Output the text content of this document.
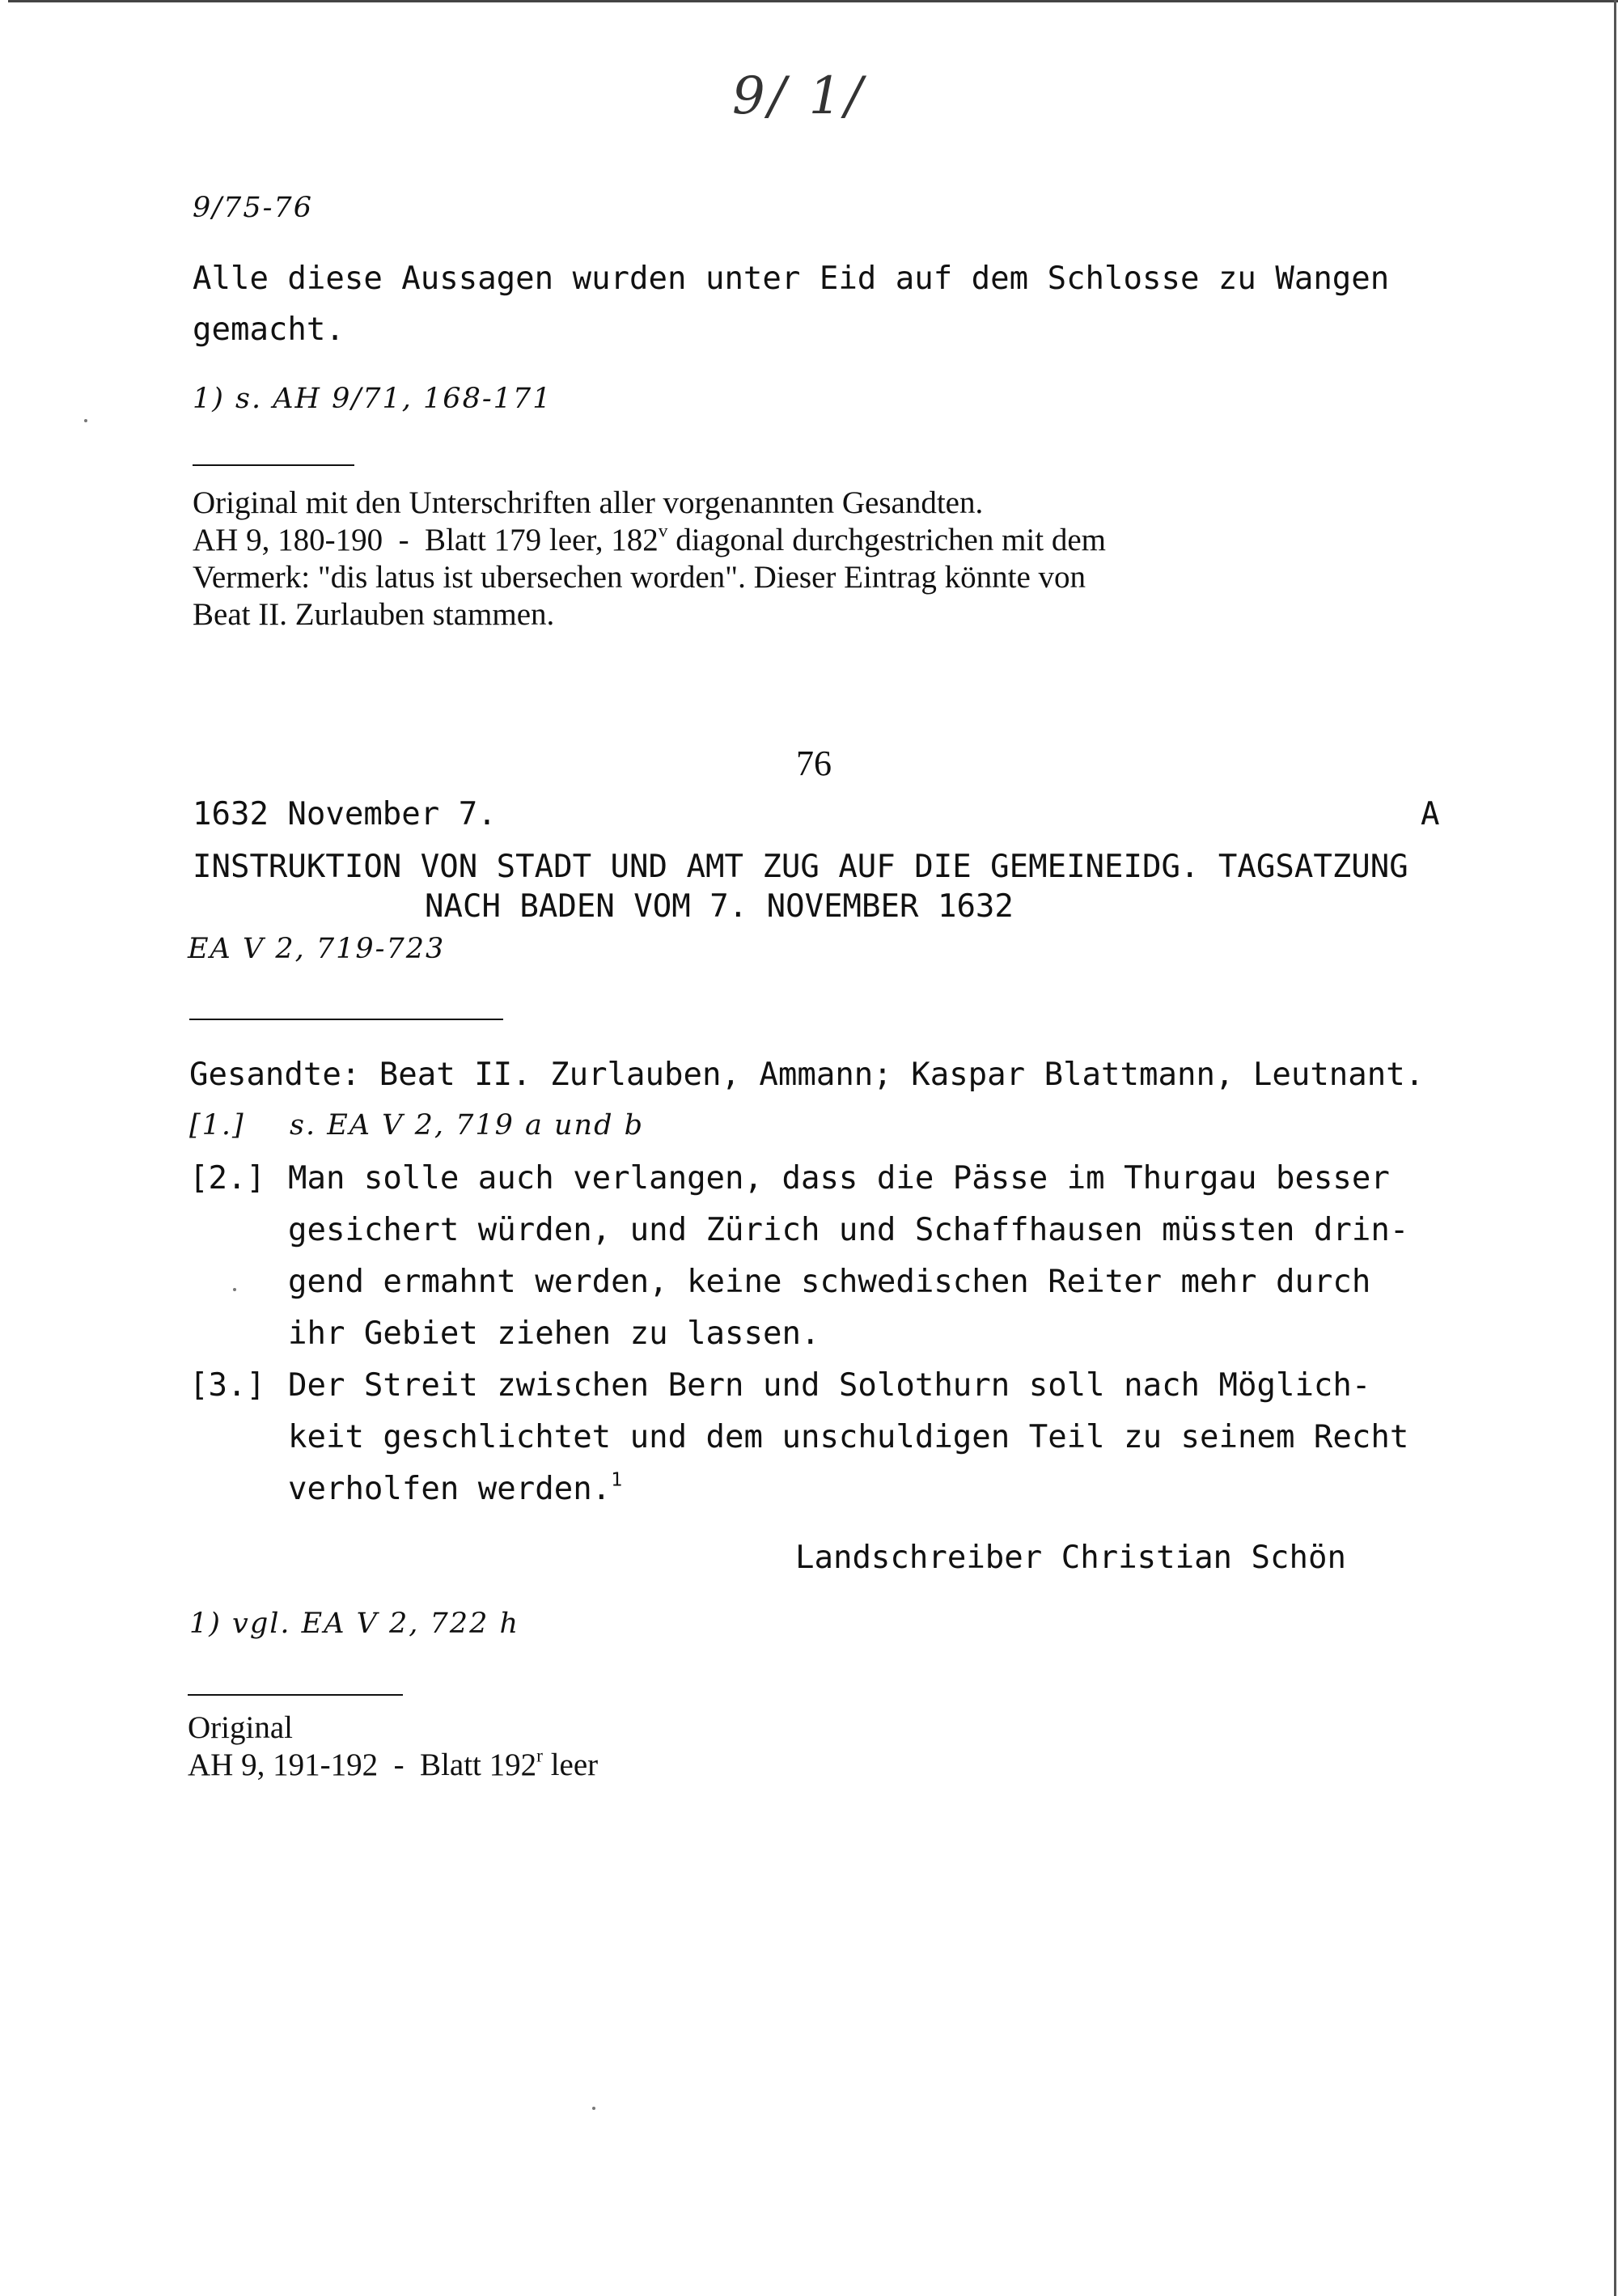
9/ 1/
9/75-76
Alle diese Aussagen wurden unter Eid auf dem Schlosse zu Wangen
gemacht.
1) s. AH 9/71, 168-171
Original mit den Unterschriften aller vorgenannten Gesandten.
AH 9, 180-190  -  Blatt 179 leer, 182$^v$ diagonal durchgestrichen mit dem
Vermerk: "dis latus ist ubersechen worden". Dieser Eintrag könnte von
Beat II. Zurlauben stammen.
76
1632 November 7.	A
INSTRUKTION VON STADT UND AMT ZUG AUF DIE GEMEINEIDG. TAGSATZUNG
NACH BADEN VOM 7. NOVEMBER 1632
EA V 2, 719-723
Gesandte: Beat II. Zurlauben, Ammann; Kaspar Blattmann, Leutnant.
[1.] s. EA V 2, 719 a und b
[2.] Man solle auch verlangen, dass die Pässe im Thurgau besser
gesichert würden, und Zürich und Schaffhausen müssten drin-
gend ermahnt werden, keine schwedischen Reiter mehr durch
ihr Gebiet ziehen zu lassen.
[3.] Der Streit zwischen Bern und Solothurn soll nach Möglich-
keit geschlichtet und dem unschuldigen Teil zu seinem Recht
verholfen werden.$^1$
Landschreiber Christian Schön
1) vgl. EA V 2, 722 h
Original
AH 9, 191-192  -  Blatt 192$^r$ leer
